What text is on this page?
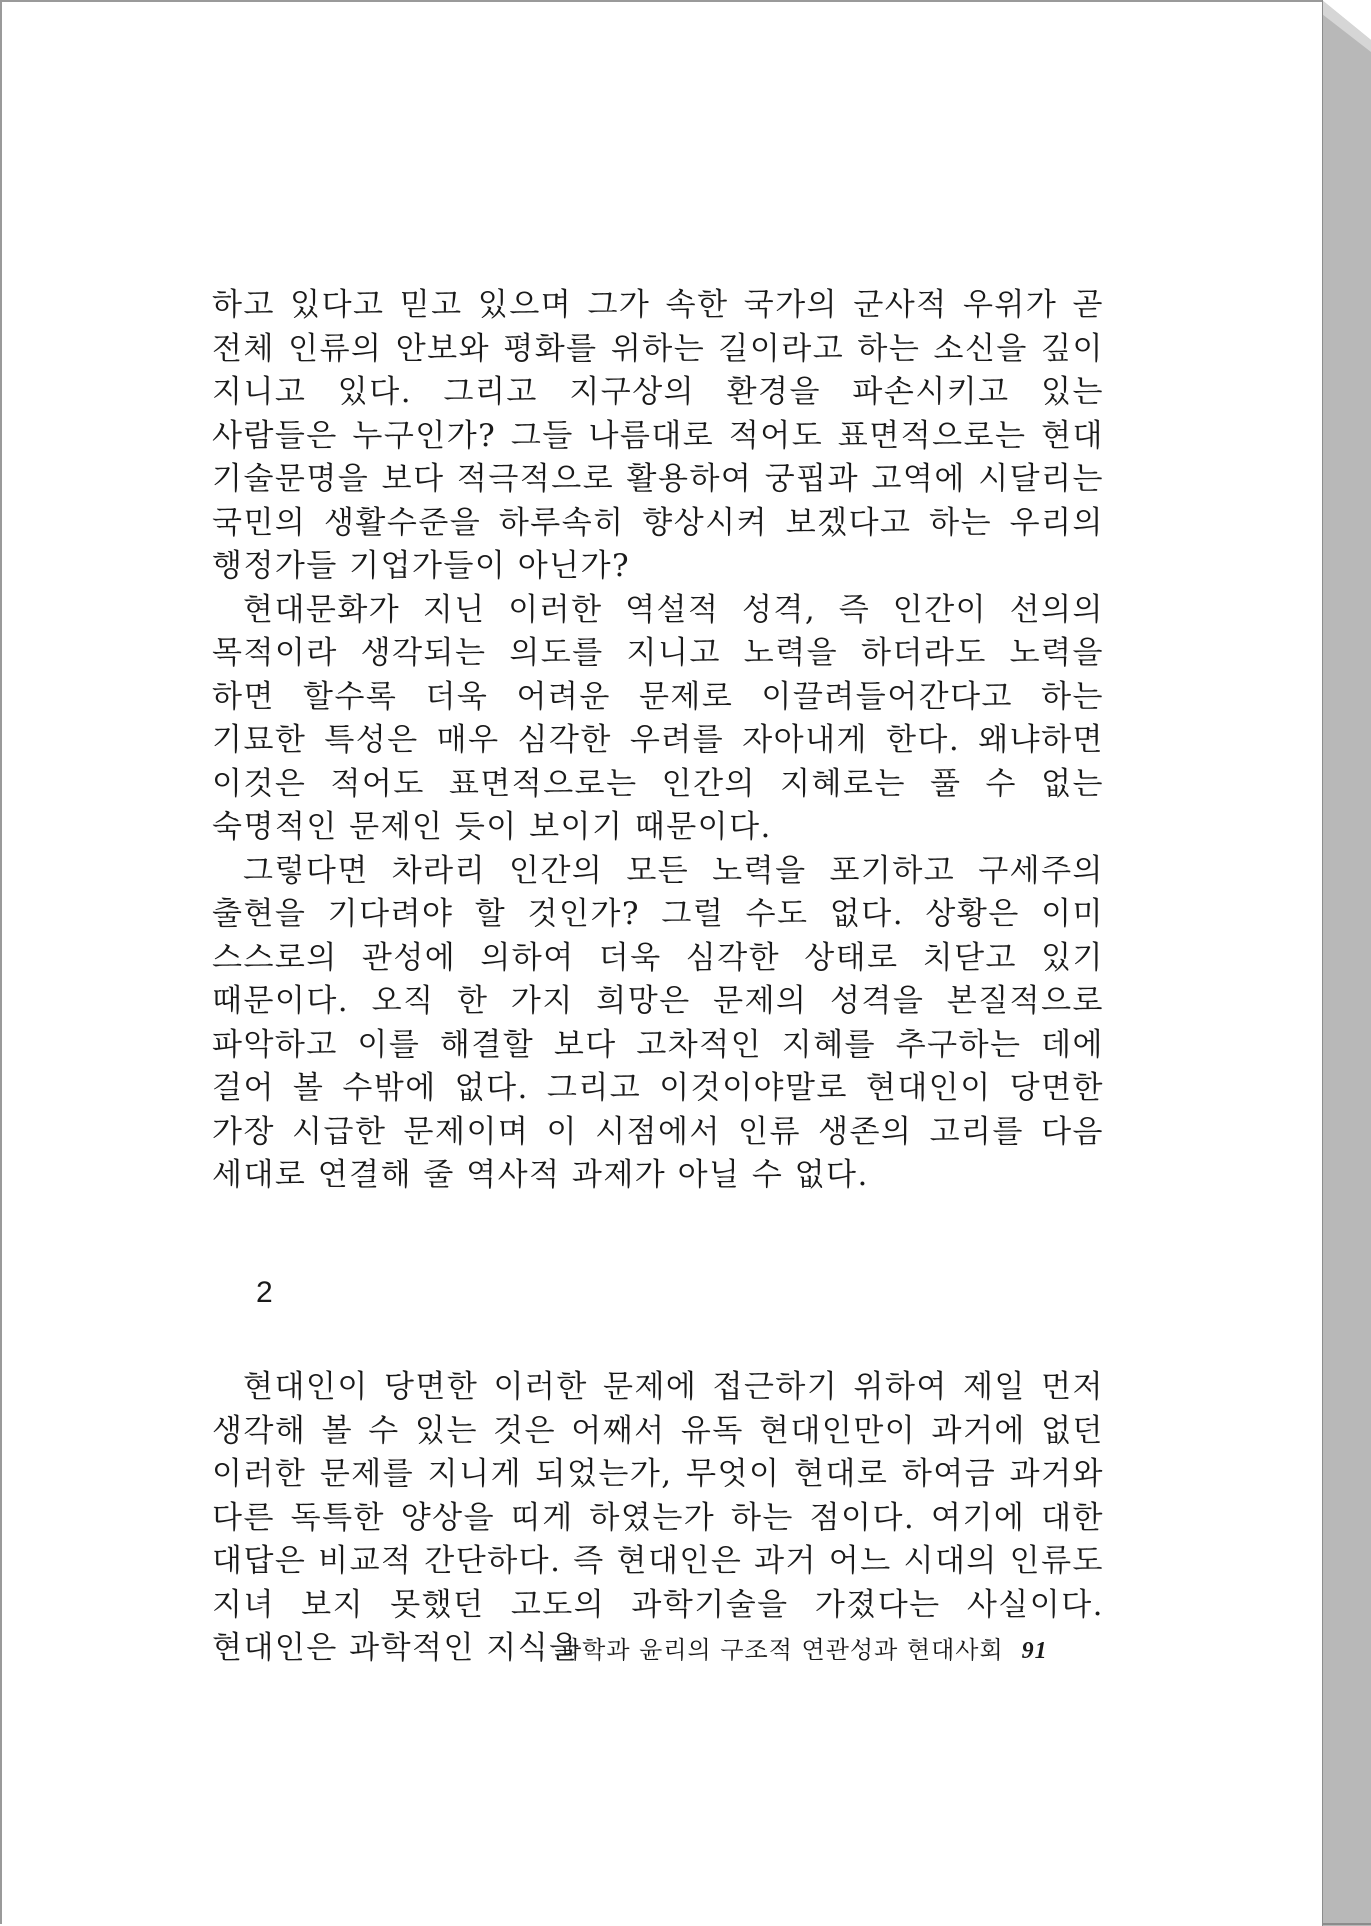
하고 있다고 믿고 있으며 그가 속한 국가의 군사적 우위가 곧 전체 인류의 안보와 평화를 위하는 길이라고 하는 소신을 깊이 지니고 있다. 그리고 지구상의 환경을 파손시키고 있는 사람들은 누구인가? 그들 나름대로 적어도 표면적으로는 현대 기술문명을 보다 적극적으로 활용하여 궁핍과 고역에 시달리는 국민의 생활수준을 하루속히 향상시켜 보겠다고 하는 우리의 행정가들 기업가들이 아닌가?

현대문화가 지닌 이러한 역설적 성격, 즉 인간이 선의의 목적이라 생각되는 의도를 지니고 노력을 하더라도 노력을 하면 할수록 더욱 어려운 문제로 이끌려들어간다고 하는 기묘한 특성은 매우 심각한 우려를 자아내게 한다. 왜냐하면 이것은 적어도 표면적으로는 인간의 지혜로는 풀 수 없는 숙명적인 문제인 듯이 보이기 때문이다.

그렇다면 차라리 인간의 모든 노력을 포기하고 구세주의 출현을 기다려야 할 것인가? 그럴 수도 없다. 상황은 이미 스스로의 관성에 의하여 더욱 심각한 상태로 치닫고 있기 때문이다. 오직 한 가지 희망은 문제의 성격을 본질적으로 파악하고 이를 해결할 보다 고차적인 지혜를 추구하는 데에 걸어 볼 수밖에 없다. 그리고 이것이야말로 현대인이 당면한 가장 시급한 문제이며 이 시점에서 인류 생존의 고리를 다음 세대로 연결해 줄 역사적 과제가 아닐 수 없다.

2

현대인이 당면한 이러한 문제에 접근하기 위하여 제일 먼저 생각해 볼 수 있는 것은 어째서 유독 현대인만이 과거에 없던 이러한 문제를 지니게 되었는가, 무엇이 현대로 하여금 과거와 다른 독특한 양상을 띠게 하였는가 하는 점이다. 여기에 대한 대답은 비교적 간단하다. 즉 현대인은 과거 어느 시대의 인류도 지녀 보지 못했던 고도의 과학기술을 가졌다는 사실이다. 현대인은 과학적인 지식을

과학과 윤리의 구조적 연관성과 현대사회 91
